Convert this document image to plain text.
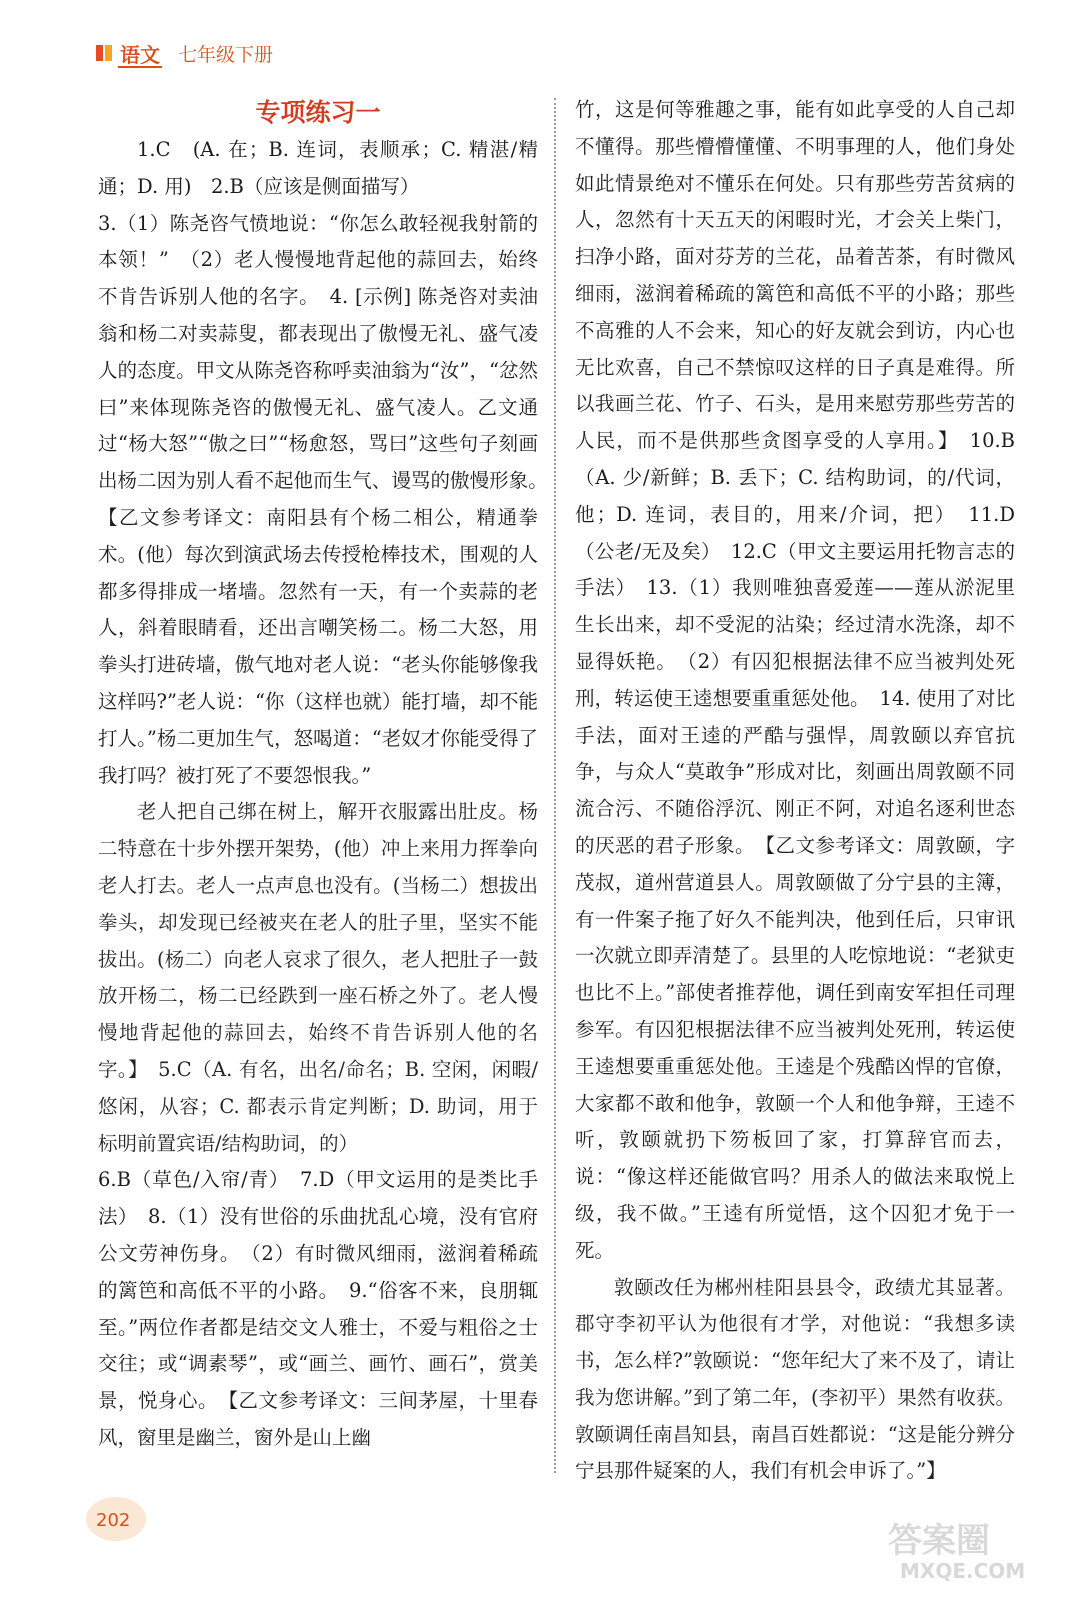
语文 七年级下册
专项练习一

1.C　(A. 在；B. 连词，表顺承；C. 精湛/精通；D. 用)　2.B（应该是侧面描写）

3.（1）陈尧咨气愤地说：“你怎么敢轻视我射箭的本领！”　（2）老人慢慢地背起他的蒜回去，始终不肯告诉别人他的名字。　4. [示例] 陈尧咨对卖油翁和杨二对卖蒜叟，都表现出了傲慢无礼、盛气凌人的态度。甲文从陈尧咨称呼卖油翁为“汝”，“忿然曰”来体现陈尧咨的傲慢无礼、盛气凌人。乙文通过“杨大怒”“傲之曰”“杨愈怒，骂曰”这些句子刻画出杨二因为别人看不起他而生气、谩骂的傲慢形象。　【乙文参考译文：南阳县有个杨二相公，精通拳术。(他）每次到演武场去传授枪棒技术，围观的人都多得排成一堵墙。忽然有一天，有一个卖蒜的老人，斜着眼睛看，还出言嘲笑杨二。杨二大怒，用拳头打进砖墙，傲气地对老人说：“老头你能够像我这样吗?”老人说：“你（这样也就）能打墙，却不能打人。”杨二更加生气，怒喝道：“老奴才你能受得了我打吗？被打死了不要怨恨我。”

老人把自己绑在树上，解开衣服露出肚皮。杨二特意在十步外摆开架势，(他）冲上来用力挥拳向老人打去。老人一点声息也没有。(当杨二）想拔出拳头，却发现已经被夹在老人的肚子里，坚实不能拔出。(杨二）向老人哀求了很久，老人把肚子一鼓放开杨二，杨二已经跌到一座石桥之外了。老人慢慢地背起他的蒜回去，始终不肯告诉别人他的名字。】　5.C（A. 有名，出名/命名；B. 空闲，闲暇/悠闲，从容；C. 都表示肯定判断；D. 助词，用于标明前置宾语/结构助词，的）

6.B（草色/入帘/青）　7.D（甲文运用的是类比手法）　8.（1）没有世俗的乐曲扰乱心境，没有官府公文劳神伤身。　（2）有时微风细雨，滋润着稀疏的篱笆和高低不平的小路。　9.“俗客不来，良朋辄至。”两位作者都是结交文人雅士，不爱与粗俗之士交往；或“调素琴”，或“画兰、画竹、画石”，赏美景，悦身心。　【乙文参考译文：三间茅屋，十里春风，窗里是幽兰，窗外是山上幽

竹，这是何等雅趣之事，能有如此享受的人自己却不懂得。那些懵懵懂懂、不明事理的人，他们身处如此情景绝对不懂乐在何处。只有那些劳苦贫病的人，忽然有十天五天的闲暇时光，才会关上柴门，扫净小路，面对芬芳的兰花，品着苦茶，有时微风细雨，滋润着稀疏的篱笆和高低不平的小路；那些不高雅的人不会来，知心的好友就会到访，内心也无比欢喜，自己不禁惊叹这样的日子真是难得。所以我画兰花、竹子、石头，是用来慰劳那些劳苦的人民，而不是供那些贪图享受的人享用。】　10.B（A. 少/新鲜；B. 丢下；C. 结构助词，的/代词，他；D. 连词，表目的，用来/介词，把）　11.D（公老/无及矣）　12.C（甲文主要运用托物言志的手法）　13.（1）我则唯独喜爱莲——莲从淤泥里生长出来，却不受泥的沾染；经过清水洗涤，却不显得妖艳。　（2）有囚犯根据法律不应当被判处死刑，转运使王逵想要重重惩处他。　14. 使用了对比手法，面对王逵的严酷与强悍，周敦颐以弃官抗争，与众人“莫敢争”形成对比，刻画出周敦颐不同流合污、不随俗浮沉、刚正不阿，对追名逐利世态的厌恶的君子形象。　【乙文参考译文：周敦颐，字茂叔，道州营道县人。周敦颐做了分宁县的主簿，有一件案子拖了好久不能判决，他到任后，只审讯一次就立即弄清楚了。县里的人吃惊地说：“老狱吏也比不上。”部使者推荐他，调任到南安军担任司理参军。有囚犯根据法律不应当被判处死刑，转运使王逵想要重重惩处他。王逵是个残酷凶悍的官僚，大家都不敢和他争，敦颐一个人和他争辩，王逵不听，敦颐就扔下笏板回了家，打算辞官而去，说：“像这样还能做官吗？用杀人的做法来取悦上级，我不做。”王逵有所觉悟，这个囚犯才免于一死。

敦颐改任为郴州桂阳县县令，政绩尤其显著。郡守李初平认为他很有才学，对他说：“我想多读书，怎么样?”敦颐说：“您年纪大了来不及了，请让我为您讲解。”到了第二年，(李初平）果然有收获。敦颐调任南昌知县，南昌百姓都说：“这是能分辨分宁县那件疑案的人，我们有机会申诉了。”】

202
答案圈
MXQE.COM
